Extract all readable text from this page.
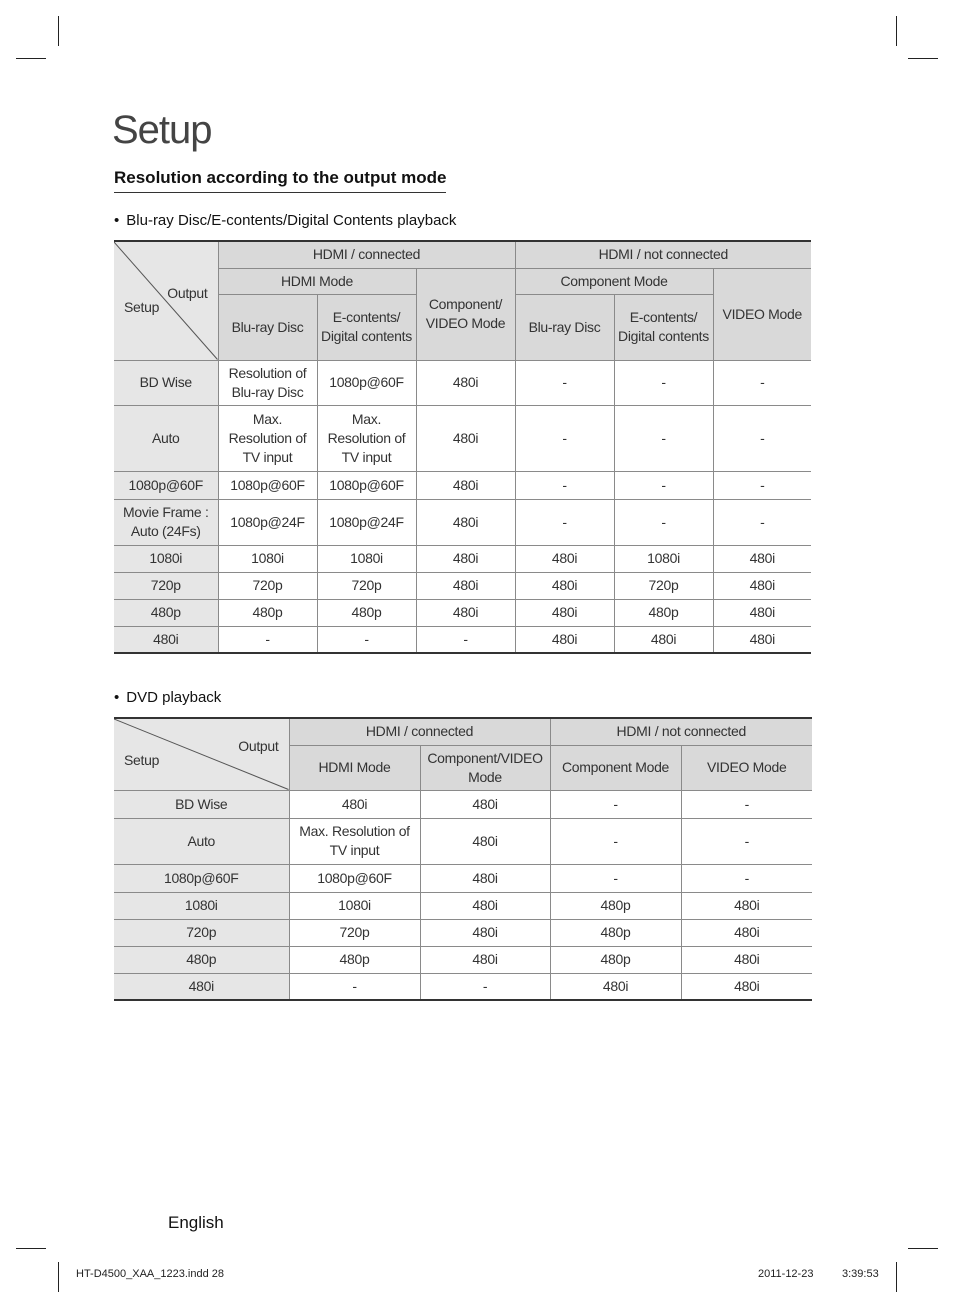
Setup
Resolution according to the output mode

• Blu-ray Disc/E-contents/Digital Contents playback

Output
Setup	HDMI / connected			HDMI / not connected		
	HDMI Mode		Component/ VIDEO Mode	Component Mode		VIDEO Mode
	Blu-ray Disc	E-contents/ Digital contents		Blu-ray Disc	E-contents/ Digital contents	
BD Wise	Resolution of Blu-ray Disc	1080p@60F	480i	-	-	-
Auto	Max. Resolution of TV input	Max. Resolution of TV input	480i	-	-	-
1080p@60F	1080p@60F	1080p@60F	480i	-	-	-
Movie Frame : Auto (24Fs)	1080p@24F	1080p@24F	480i	-	-	-
1080i	1080i	1080i	480i	480i	1080i	480i
720p	720p	720p	480i	480i	720p	480i
480p	480p	480p	480i	480i	480p	480i
480i	-	-	-	480i	480i	480i

• DVD playback

Output
Setup	HDMI / connected		HDMI / not connected	
	HDMI Mode	Component/VIDEO Mode	Component Mode	VIDEO Mode
BD Wise	480i	480i	-	-
Auto	Max. Resolution of TV input	480i	-	-
1080p@60F	1080p@60F	480i	-	-
1080i	1080i	480i	480p	480i
720p	720p	480i	480p	480i
480p	480p	480i	480p	480i
480i	-	-	480i	480i

English

HT-D4500_XAA_1223.indd 28	2011-12-23	3:39:53
